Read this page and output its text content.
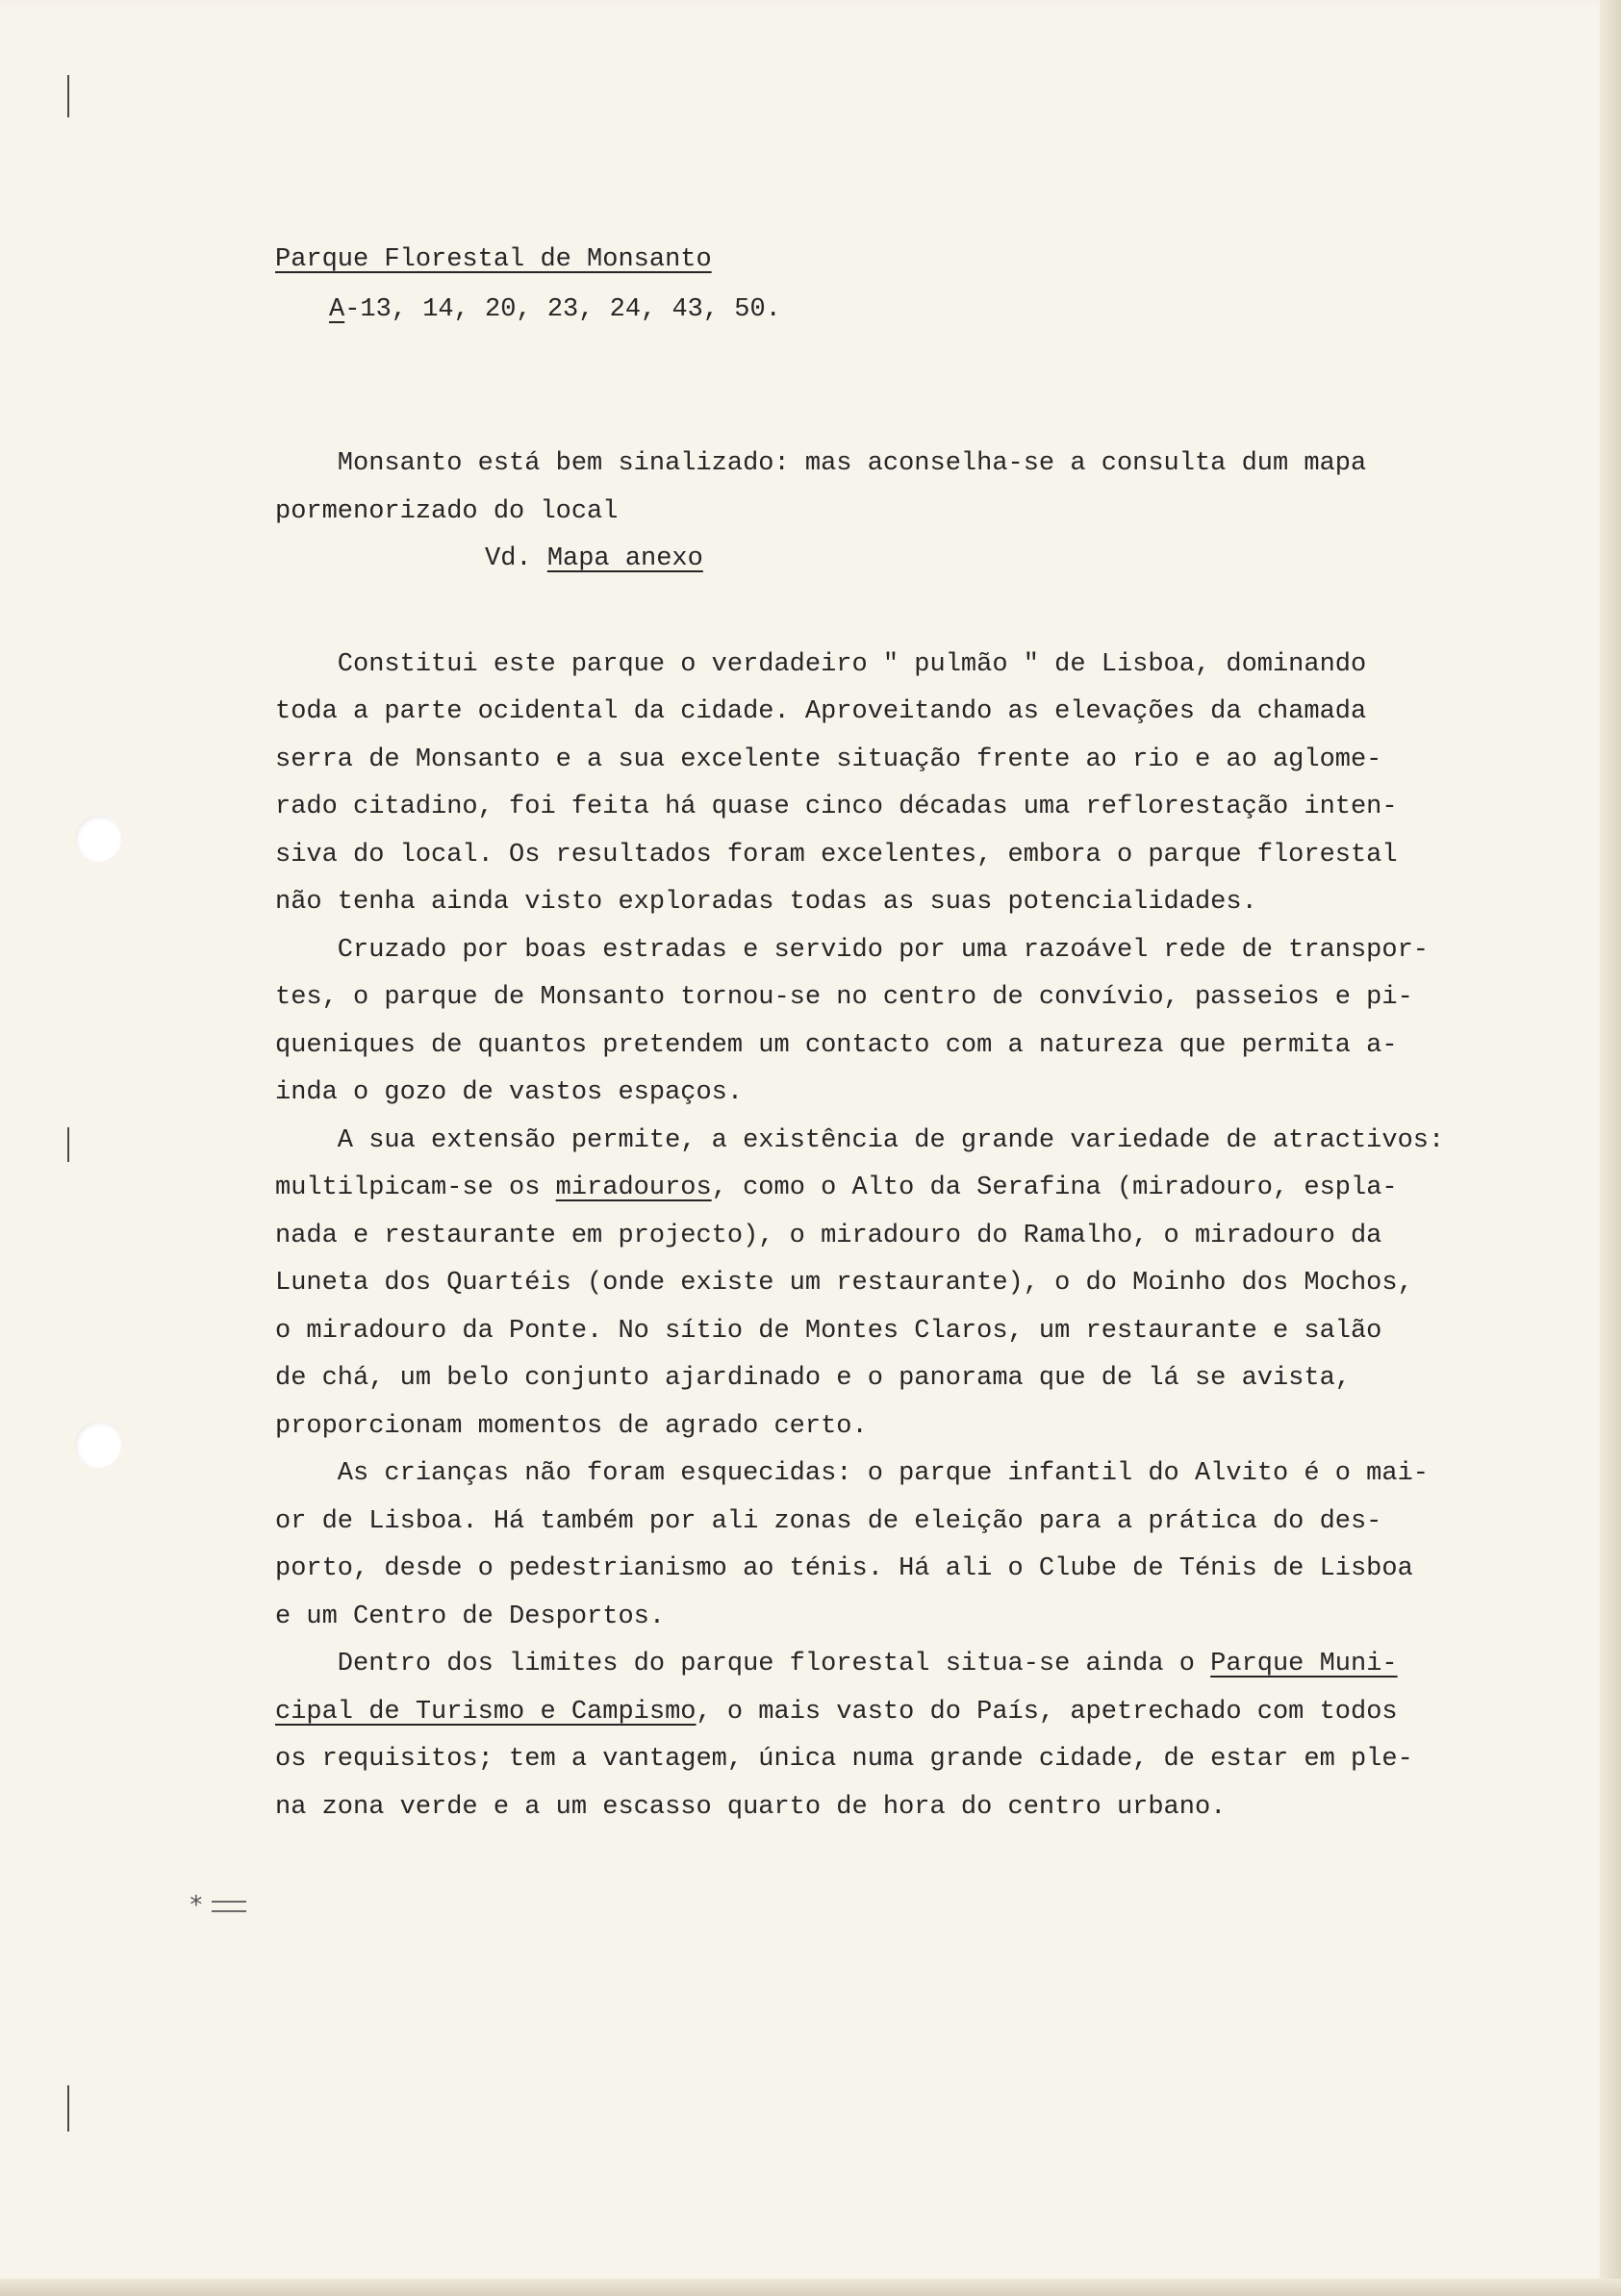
*
Parque Florestal de Monsanto
A-13, 14, 20, 23, 24, 43, 50.

Monsanto está bem sinalizado: mas aconselha-se a consulta dum mapa

pormenorizado do local

Vd. Mapa anexo

Constitui este parque o verdadeiro " pulmão " de Lisboa, dominando

toda a parte ocidental da cidade. Aproveitando as elevações da chamada

serra de Monsanto e a sua excelente situação frente ao rio e ao aglome-

rado citadino, foi feita há quase cinco décadas uma reflorestação inten-

siva do local. Os resultados foram excelentes, embora o parque florestal

não tenha ainda visto exploradas todas as suas potencialidades.

Cruzado por boas estradas e servido por uma razoável rede de transpor-

tes, o parque de Monsanto tornou-se no centro de convívio, passeios e pi-

queniques de quantos pretendem um contacto com a natureza que permita a-

inda o gozo de vastos espaços.

A sua extensão permite, a existência de grande variedade de atractivos:

multilpicam-se os miradouros, como o Alto da Serafina (miradouro, espla-

nada e restaurante em projecto), o miradouro do Ramalho, o miradouro da

Luneta dos Quartéis (onde existe um restaurante), o do Moinho dos Mochos,

o miradouro da Ponte. No sítio de Montes Claros, um restaurante e salão

de chá, um belo conjunto ajardinado e o panorama que de lá se avista,

proporcionam momentos de agrado certo.

As crianças não foram esquecidas: o parque infantil do Alvito é o mai-

or de Lisboa. Há também por ali zonas de eleição para a prática do des-

porto, desde o pedestrianismo ao ténis. Há ali o Clube de Ténis de Lisboa

e um Centro de Desportos.

Dentro dos limites do parque florestal situa-se ainda o Parque Muni-

cipal de Turismo e Campismo, o mais vasto do País, apetrechado com todos

os requisitos; tem a vantagem, única numa grande cidade, de estar em ple-

na zona verde e a um escasso quarto de hora do centro urbano.
